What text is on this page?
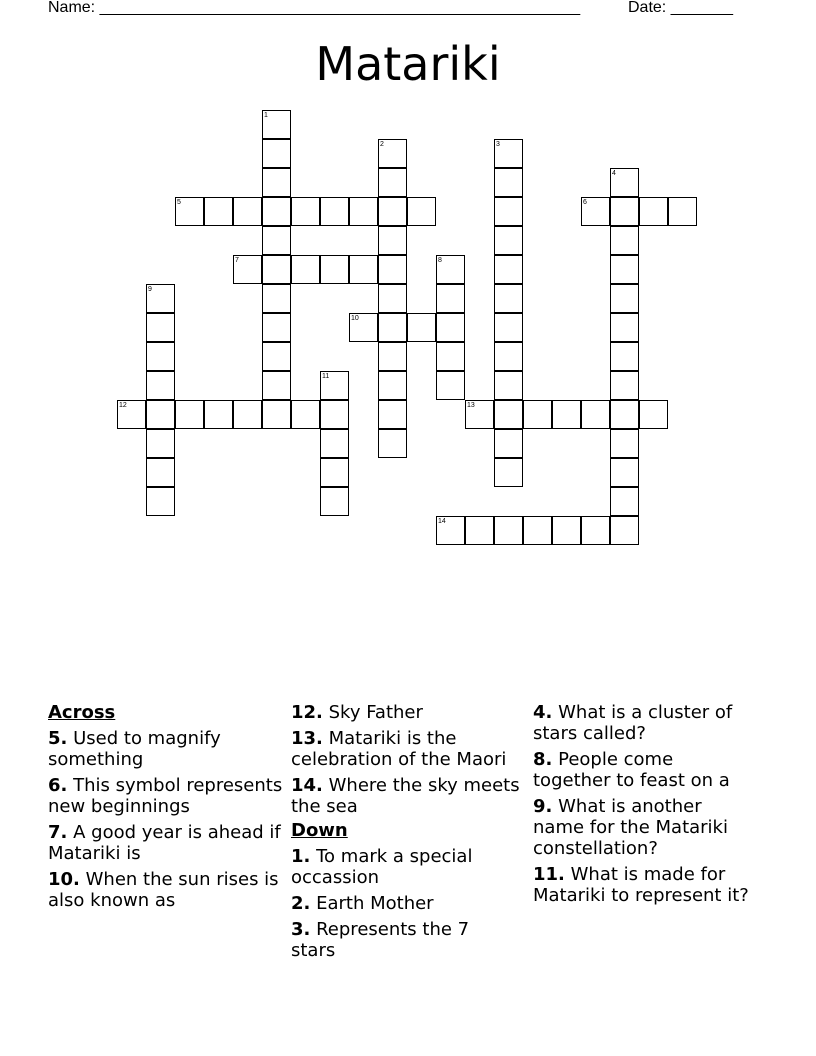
Name: ______________________________________________________	Date: _______
Matariki
1
2	3
4
5	6
7	8
9
10
11
12	13
14
Across
5. Used to magnify something
6. This symbol represents new beginnings
7. A good year is ahead if Matariki is
10. When the sun rises is also known as
12. Sky Father
13. Matariki is the celebration of the Maori
14. Where the sky meets the sea
Down
1. To mark a special occassion
2. Earth Mother
3. Represents the 7 stars
4. What is a cluster of stars called?
8. People come together to feast on a
9. What is another name for the Matariki constellation?
11. What is made for Matariki to represent it?
